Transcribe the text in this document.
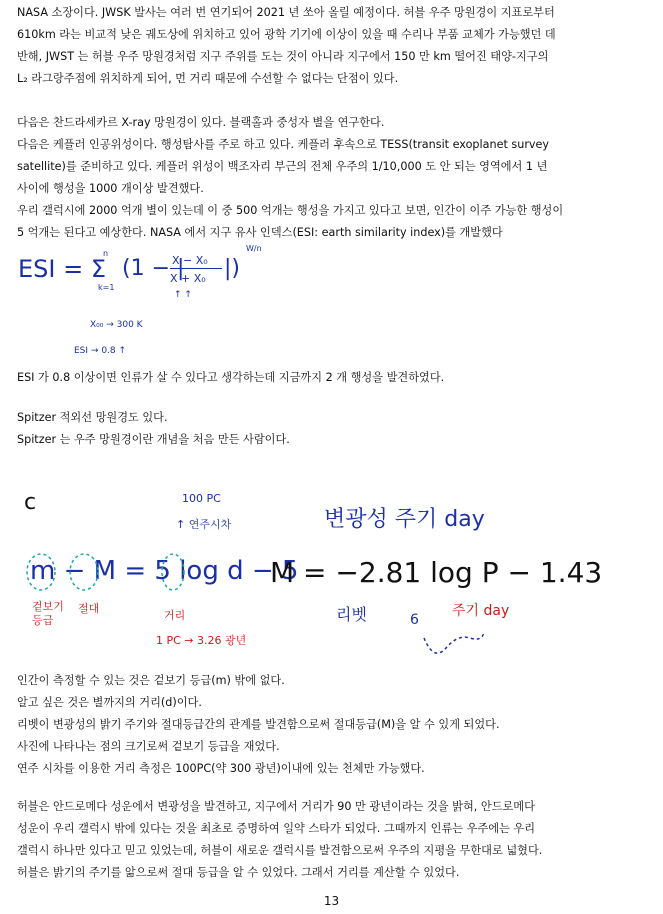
NASA 소장이다. JWSK 발사는 여러 번 연기되어 2021 년 쏘아 올릴 예정이다. 허블 우주 망원경이 지표로부터
610km 라는 비교적 낮은 궤도상에 위치하고 있어 광학 기기에 이상이 있을 때 수리나 부품 교체가 가능했던 데
반해, JWST 는 허블 우주 망원경처럼 지구 주위를 도는 것이 아니라 지구에서 150 만 km 떨어진 태양-지구의
L₂ 라그랑주점에 위치하게 되어, 먼 거리 때문에 수선할 수 없다는 단점이 있다.
다음은 찬드라세카르 X-ray 망원경이 있다. 블랙홀과 중성자 별을 연구한다.
다음은 케플러 인공위성이다. 행성탐사를 주로 하고 있다. 케플러 후속으로 TESS(transit exoplanet survey
satellite)를 준비하고 있다. 케플러 위성이 백조자리 부근의 전체 우주의 1/10,000 도 안 되는 영역에서 1 년
사이에 행성을 1000 개이상 발견했다.
우리 갤럭시에 2000 억개 별이 있는데 이 중 500 억개는 행성을 가지고 있다고 보면, 인간이 이주 가능한 행성이
5 억개는 된다고 예상한다. NASA 에서 지구 유사 인덱스(ESI: earth similarity index)를 개발했다
ESI = Σ
n
k=1
(1 − |
X − X₀
X + X₀ |)
W/n
↑ ↑
X₀₀ → 300 K
ESI → 0.8 ↑
ESI 가 0.8 이상이면 인류가 살 수 있다고 생각하는데 지금까지 2 개 행성을 발견하였다.
Spitzer 적외선 망원경도 있다.
Spitzer 는 우주 망원경이란 개념을 처음 만든 사람이다.
c	100 PC
↑ 연주시차
m − M = 5 log d − 5
겉보기
등급
절대
거리
1 PC → 3.26 광년
변광성 주기 day
M = −2.81 log P − 1.43
리벳	6
주기 day
인간이 측정할 수 있는 것은 겉보기 등급(m) 밖에 없다.
알고 싶은 것은 별까지의 거리(d)이다.
리벳이 변광성의 밝기 주기와 절대등급간의 관계를 발견함으로써 절대등급(M)을 알 수 있게 되었다.
사진에 나타나는 점의 크기로써 겉보기 등급을 재었다.
연주 시차를 이용한 거리 측정은 100PC(약 300 광년)이내에 있는 천체만 가능했다.
허블은 안드로메다 성운에서 변광성을 발견하고, 지구에서 거리가 90 만 광년이라는 것을 밝혀, 안드로메다
성운이 우리 갤럭시 밖에 있다는 것을 최초로 증명하여 일약 스타가 되었다. 그때까지 인류는 우주에는 우리
갤럭시 하나만 있다고 믿고 있었는데, 허블이 새로운 갤럭시를 발견함으로써 우주의 지평을 무한대로 넓혔다.
허블은 밝기의 주기를 앎으로써 절대 등급을 알 수 있었다. 그래서 거리를 계산할 수 있었다.
13
